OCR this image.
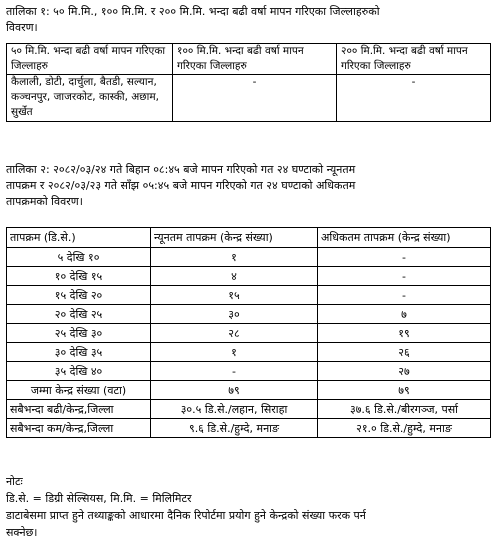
तालिका १: ५० मि.मि., १०० मि.मि. र २०० मि.मि. भन्दा बढी वर्षा मापन गरिएका जिल्लाहरुको
विवरण।
५० मि.मि. भन्दा बढी वर्षा मापन गरिएका जिल्लाहरु	१०० मि.मि. भन्दा बढी वर्षा मापन गरिएका जिल्लाहरु	२०० मि.मि. भन्दा बढी वर्षा मापन गरिएका जिल्लाहरु
कैलाली, डोटी, दार्चुला, बैतडी, सल्यान, कञ्चनपुर, जाजरकोट, कास्की, अछाम, सुर्खेत	-	-
तालिका २: २०८२/०३/२४ गते बिहान ०८:४५ बजे मापन गरिएको गत २४ घण्टाको न्यूनतम
तापक्रम र २०८२/०३/२३ गते साँझ ०५:४५ बजे मापन गरिएको गत २४ घण्टाको अधिकतम
तापक्रमको विवरण।
तापक्रम (डि.से.)	न्यूनतम तापक्रम (केन्द्र संख्या)	अधिकतम तापक्रम (केन्द्र संख्या)
५ देखि १०	१	-
१० देखि १५	४	-
१५ देखि २०	१५	-
२० देखि २५	३०	७
२५ देखि ३०	२८	१९
३० देखि ३५	१	२६
३५ देखि ४०	-	२७
जम्मा केन्द्र संख्या (वटा)	७९	७९
सबैभन्दा बढी/केन्द्र,जिल्ला	३०.५ डि.से./लहान, सिराहा	३७.६ डि.से./बीरगञ्ज, पर्सा
सबैभन्दा कम/केन्द्र,जिल्ला	९.६ डि.से./हुम्दे, मनाङ	२१.० डि.से./हुम्दे, मनाङ
नोटः
डि.से. = डिग्री सेल्सियस, मि.मि. = मिलिमिटर
डाटाबेसमा प्राप्त हुने तथ्याङ्कको आधारमा दैनिक रिपोर्टमा प्रयोग हुने केन्द्रको संख्या फरक पर्न
सक्नेछ।
